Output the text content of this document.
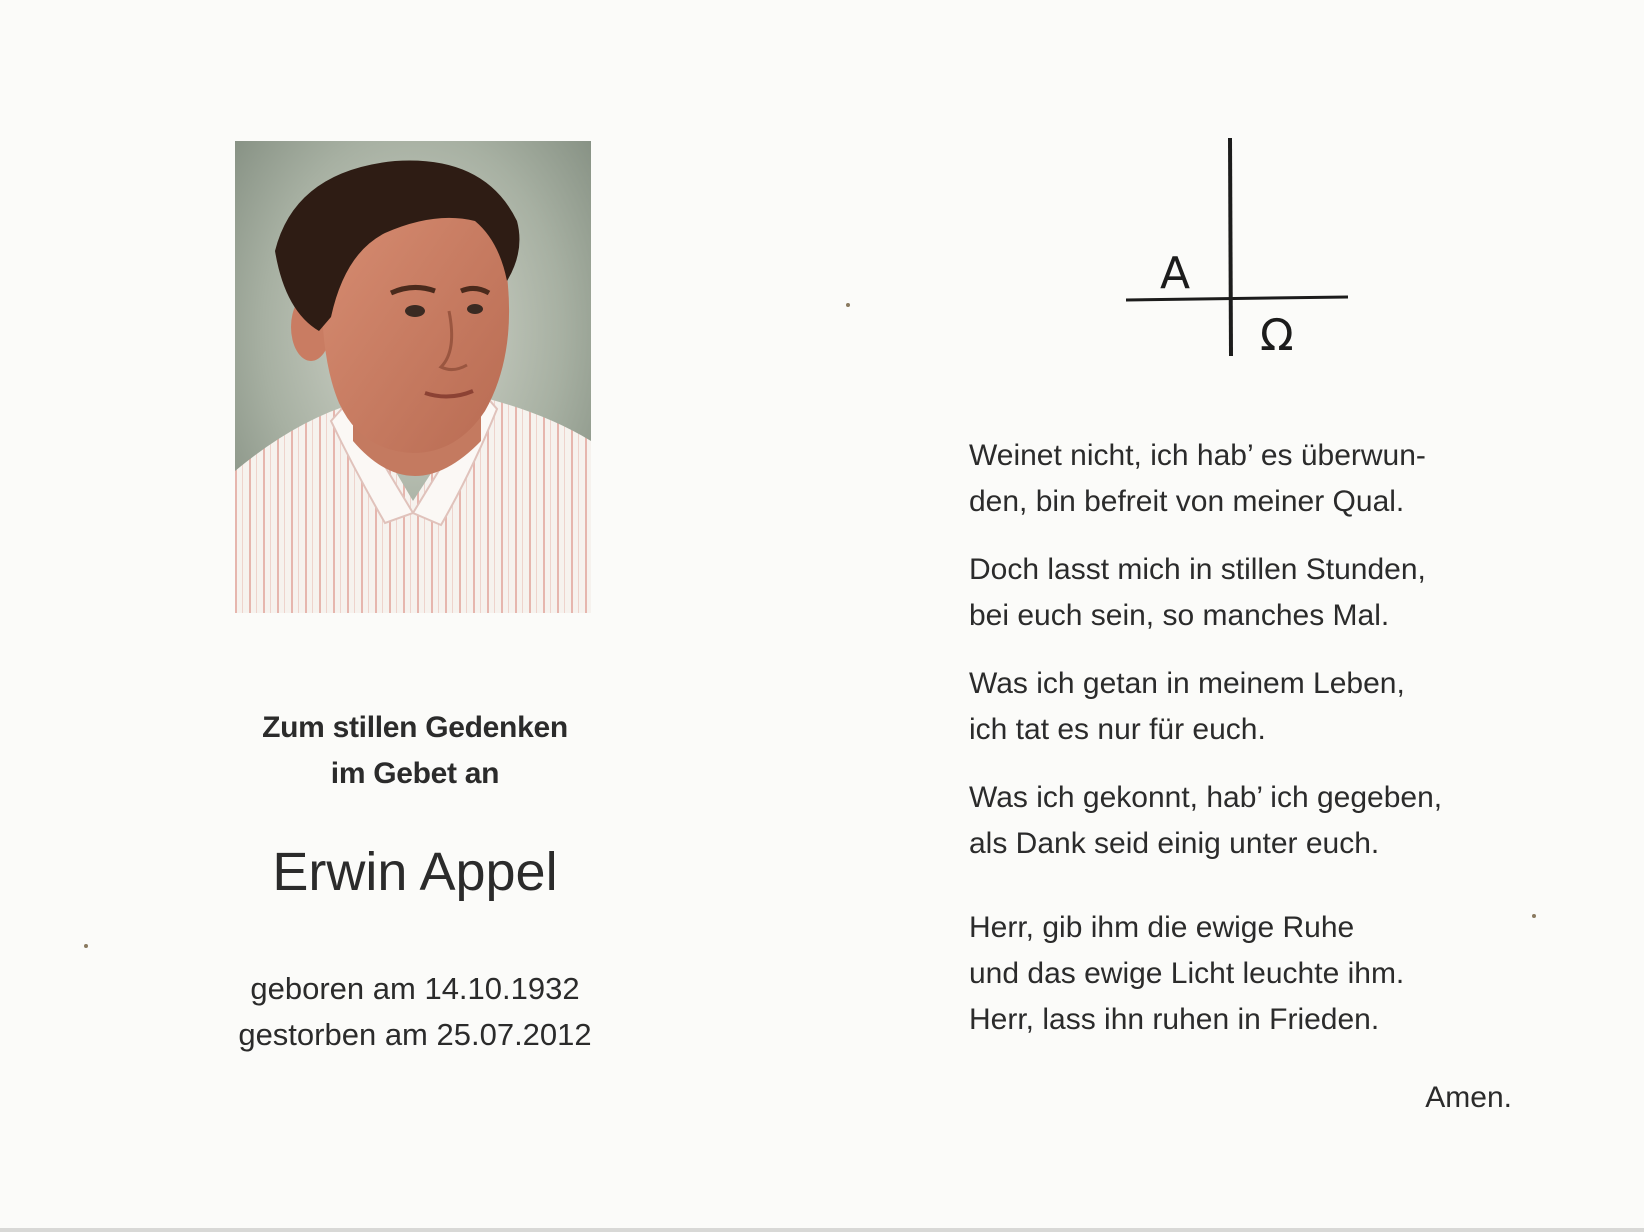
Zum stillen Gedenken
im Gebet an
Erwin Appel
geboren am 14.10.1932
gestorben am 25.07.2012
A
Ω
Weinet nicht, ich hab’ es überwun-
den, bin befreit von meiner Qual.
Doch lasst mich in stillen Stunden,
bei euch sein, so manches Mal.
Was ich getan in meinem Leben,
ich tat es nur für euch.
Was ich gekonnt, hab’ ich gegeben,
als Dank seid einig unter euch.
Herr, gib ihm die ewige Ruhe
und das ewige Licht leuchte ihm.
Herr, lass ihn ruhen in Frieden.
Amen.
